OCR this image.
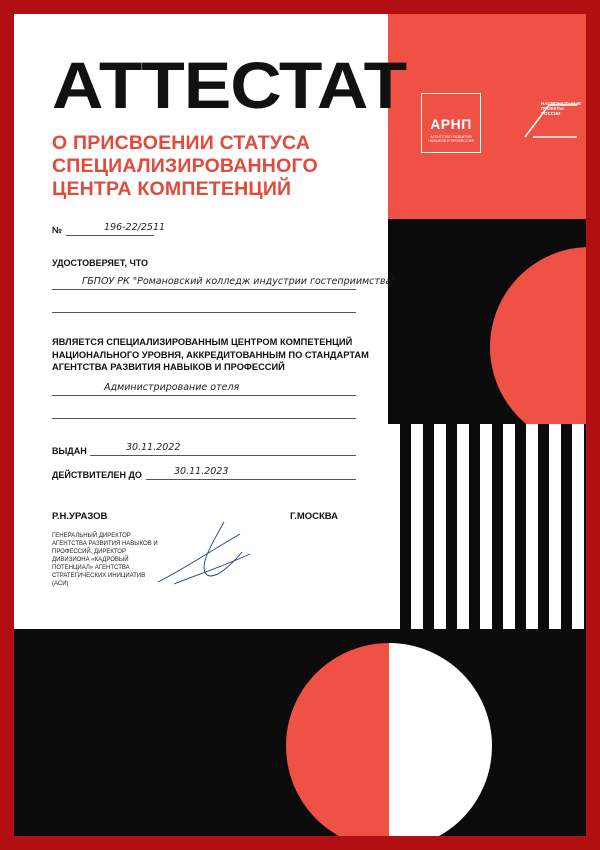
АРНП
АГЕНТСТВО РАЗВИТИЯ НАВЫКОВ И ПРОФЕССИЙ
НАЦИОНАЛЬНЫЕ ПРОЕКТЫ РОССИИ
АТТЕСТАТ
О ПРИСВОЕНИИ СТАТУСА СПЕЦИАЛИЗИРОВАННОГО ЦЕНТРА КОМПЕТЕНЦИЙ
№	196-22/2511
УДОСТОВЕРЯЕТ, ЧТО
ГБПОУ РК "Романовский колледж индустрии гостеприимства"
ЯВЛЯЕТСЯ СПЕЦИАЛИЗИРОВАННЫМ ЦЕНТРОМ КОМПЕТЕНЦИЙ НАЦИОНАЛЬНОГО УРОВНЯ, АККРЕДИТОВАННЫМ ПО СТАНДАРТАМ АГЕНТСТВА РАЗВИТИЯ НАВЫКОВ И ПРОФЕССИЙ
Администрирование отеля
ВЫДАН	30.11.2022
ДЕЙСТВИТЕЛЕН ДО	30.11.2023
Р.Н.УРАЗОВ	Г.МОСКВА
ГЕНЕРАЛЬНЫЙ ДИРЕКТОР АГЕНТСТВА РАЗВИТИЯ НАВЫКОВ И ПРОФЕССИЙ, ДИРЕКТОР ДИВИЗИОНА «КАДРОВЫЙ ПОТЕНЦИАЛ» АГЕНТСТВА СТРАТЕГИЧЕСКИХ ИНИЦИАТИВ (АСИ)
